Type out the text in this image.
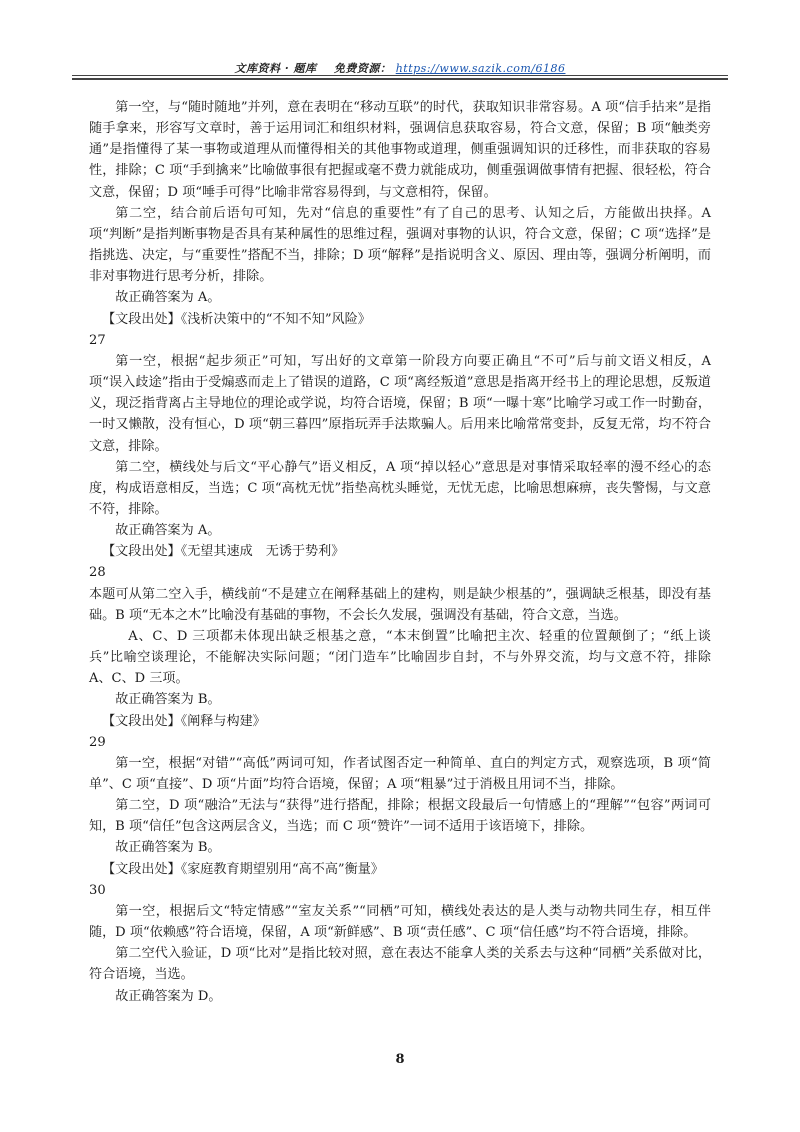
文库资料 · 题库 免费资源： https://www.sazik.com/6186

第一空，与“随时随地”并列，意在表明在“移动互联”的时代，获取知识非常容易。A 项“信手拈来”是指随手拿来，形容写文章时，善于运用词汇和组织材料，强调信息获取容易，符合文意，保留；B 项“触类旁通”是指懂得了某一事物或道理从而懂得相关的其他事物或道理，侧重强调知识的迁移性，而非获取的容易性，排除；C 项“手到擒来”比喻做事很有把握或毫不费力就能成功，侧重强调做事情有把握、很轻松，符合文意，保留；D 项“唾手可得”比喻非常容易得到，与文意相符，保留。

第二空，结合前后语句可知，先对“信息的重要性”有了自己的思考、认知之后，方能做出抉择。A 项“判断”是指判断事物是否具有某种属性的思维过程，强调对事物的认识，符合文意，保留；C 项“选择”是指挑选、决定，与“重要性”搭配不当，排除；D 项“解释”是指说明含义、原因、理由等，强调分析阐明，而非对事物进行思考分析，排除。

故正确答案为 A。

【文段出处】《浅析决策中的“不知不知”风险》

27

第一空，根据“起步须正”可知，写出好的文章第一阶段方向要正确且“不可”后与前文语义相反，A 项“误入歧途”指由于受煽惑而走上了错误的道路，C 项“离经叛道”意思是指离开经书上的理论思想，反叛道义，现泛指背离占主导地位的理论或学说，均符合语境，保留；B 项“一曝十寒”比喻学习或工作一时勤奋，一时又懒散，没有恒心，D 项“朝三暮四”原指玩弄手法欺骗人。后用来比喻常常变卦，反复无常，均不符合文意，排除。

第二空，横线处与后文“平心静气”语义相反，A 项“掉以轻心”意思是对事情采取轻率的漫不经心的态度，构成语意相反，当选；C 项“高枕无忧”指垫高枕头睡觉，无忧无虑，比喻思想麻痹，丧失警惕，与文意不符，排除。

故正确答案为 A。

【文段出处】《无望其速成　无诱于势利》

28

本题可从第二空入手，横线前“不是建立在阐释基础上的建构，则是缺少根基的”，强调缺乏根基，即没有基础。B 项“无本之木”比喻没有基础的事物，不会长久发展，强调没有基础，符合文意，当选。

A、C、D 三项都未体现出缺乏根基之意，“本末倒置”比喻把主次、轻重的位置颠倒了；“纸上谈兵”比喻空谈理论，不能解决实际问题；“闭门造车”比喻固步自封，不与外界交流，均与文意不符，排除 A、C、D 三项。

故正确答案为 B。

【文段出处】《阐释与构建》

29

第一空，根据“对错”“高低”两词可知，作者试图否定一种简单、直白的判定方式，观察选项，B 项“简单”、C 项“直接”、D 项“片面”均符合语境，保留；A 项“粗暴”过于消极且用词不当，排除。

第二空，D 项“融洽”无法与“获得”进行搭配，排除；根据文段最后一句情感上的“理解”“包容”两词可知，B 项“信任”包含这两层含义，当选；而 C 项“赞许”一词不适用于该语境下，排除。

故正确答案为 B。

【文段出处】《家庭教育期望别用“高不高”衡量》

30

第一空，根据后文“特定情感”“室友关系”“同栖”可知，横线处表达的是人类与动物共同生存，相互伴随，D 项“依赖感”符合语境，保留，A 项“新鲜感”、B 项“责任感”、C 项“信任感”均不符合语境，排除。

第二空代入验证，D 项“比对”是指比较对照，意在表达不能拿人类的关系去与这种“同栖”关系做对比，符合语境，当选。

故正确答案为 D。

8
